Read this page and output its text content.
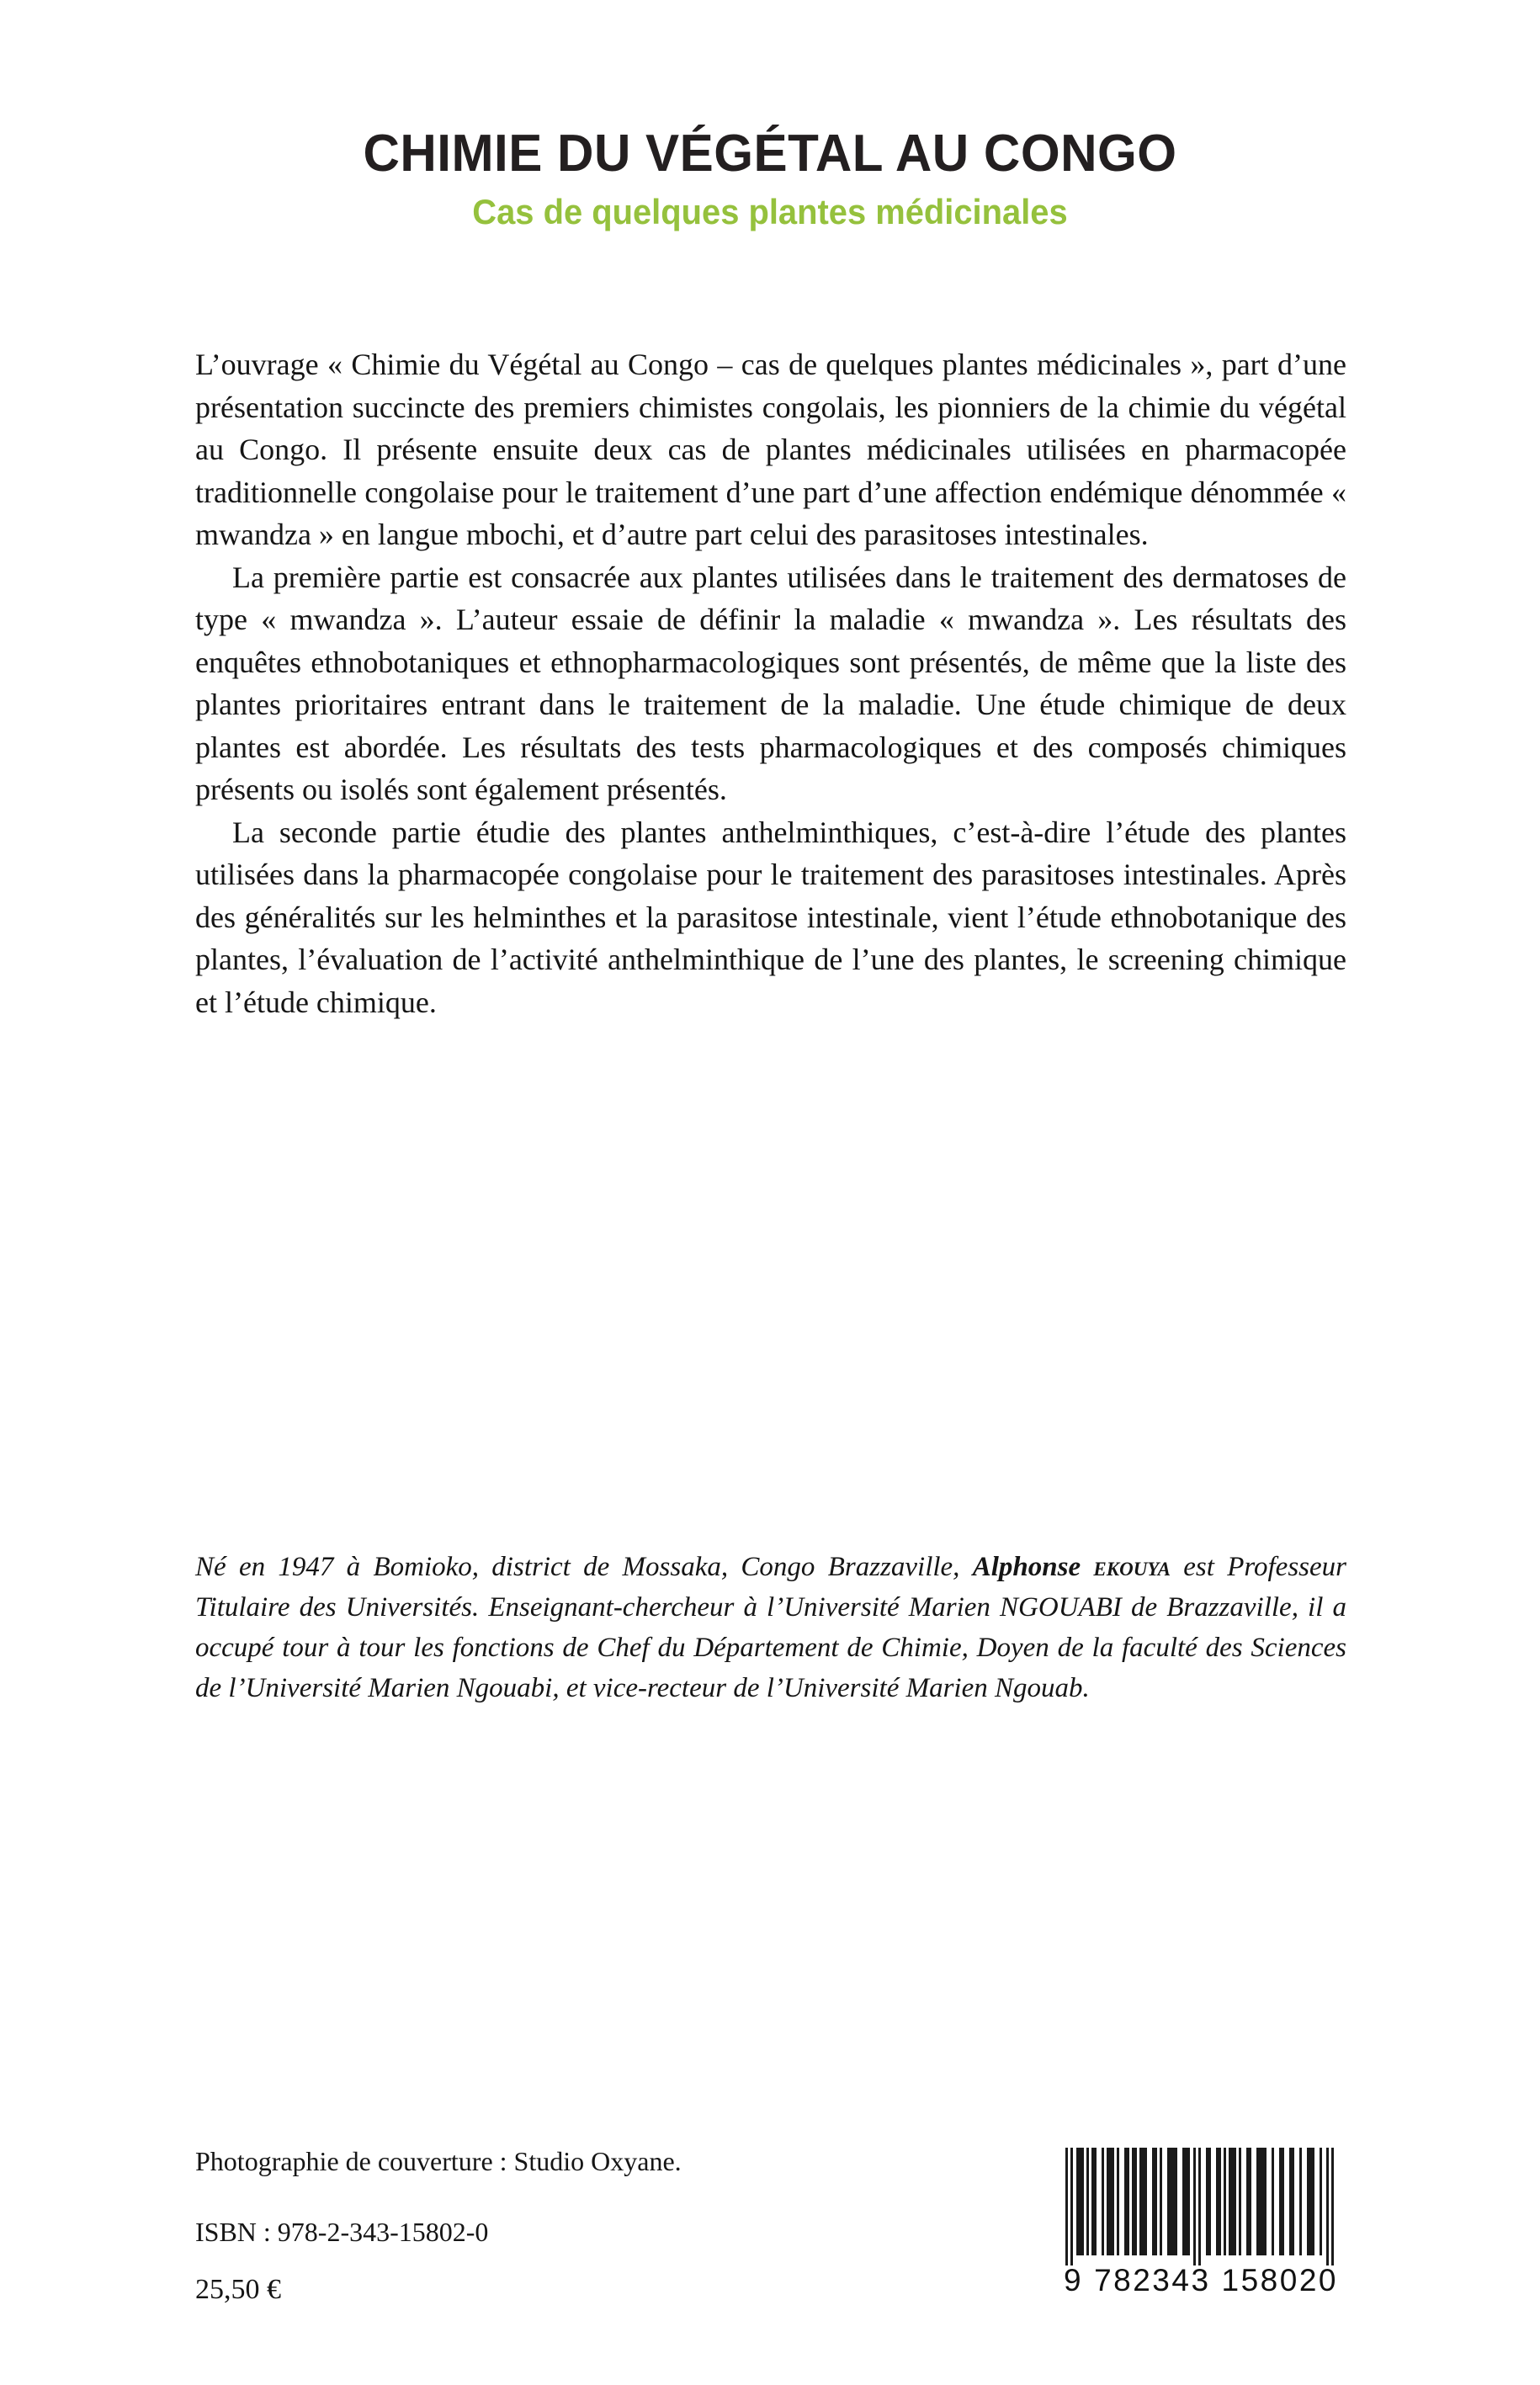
CHIMIE DU VÉGÉTAL AU CONGO
Cas de quelques plantes médicinales

L’ouvrage « Chimie du Végétal au Congo – cas de quelques plantes médicinales », part d’une présentation succincte des premiers chimistes congolais, les pionniers de la chimie du végétal au Congo. Il présente ensuite deux cas de plantes médicinales utilisées en pharmacopée traditionnelle congolaise pour le traitement d’une part d’une affection endémique dénommée « mwandza » en langue mbochi, et d’autre part celui des parasitoses intestinales.

La première partie est consacrée aux plantes utilisées dans le traitement des dermatoses de type « mwandza ». L’auteur essaie de définir la maladie « mwandza ». Les résultats des enquêtes ethnobotaniques et ethnopharmacologiques sont présentés, de même que la liste des plantes prioritaires entrant dans le traitement de la maladie. Une étude chimique de deux plantes est abordée. Les résultats des tests pharmacologiques et des composés chimiques présents ou isolés sont également présentés.

La seconde partie étudie des plantes anthelminthiques, c’est-à-dire l’étude des plantes utilisées dans la pharmacopée congolaise pour le traitement des parasitoses intestinales. Après des généralités sur les helminthes et la parasitose intestinale, vient l’étude ethnobotanique des plantes, l’évaluation de l’activité anthelminthique de l’une des plantes, le screening chimique et l’étude chimique.

Né en 1947 à Bomioko, district de Mossaka, Congo Brazzaville, Alphonse ekouya est Professeur Titulaire des Universités. Enseignant-chercheur à l’Université Marien NGOUABI de Brazzaville, il a occupé tour à tour les fonctions de Chef du Département de Chimie, Doyen de la faculté des Sciences de l’Université Marien Ngouabi, et vice-recteur de l’Université Marien Ngouab.

Photographie de couverture : Studio Oxyane.

ISBN : 978-2-343-15802-0

25,50 €	9 782343 158020
